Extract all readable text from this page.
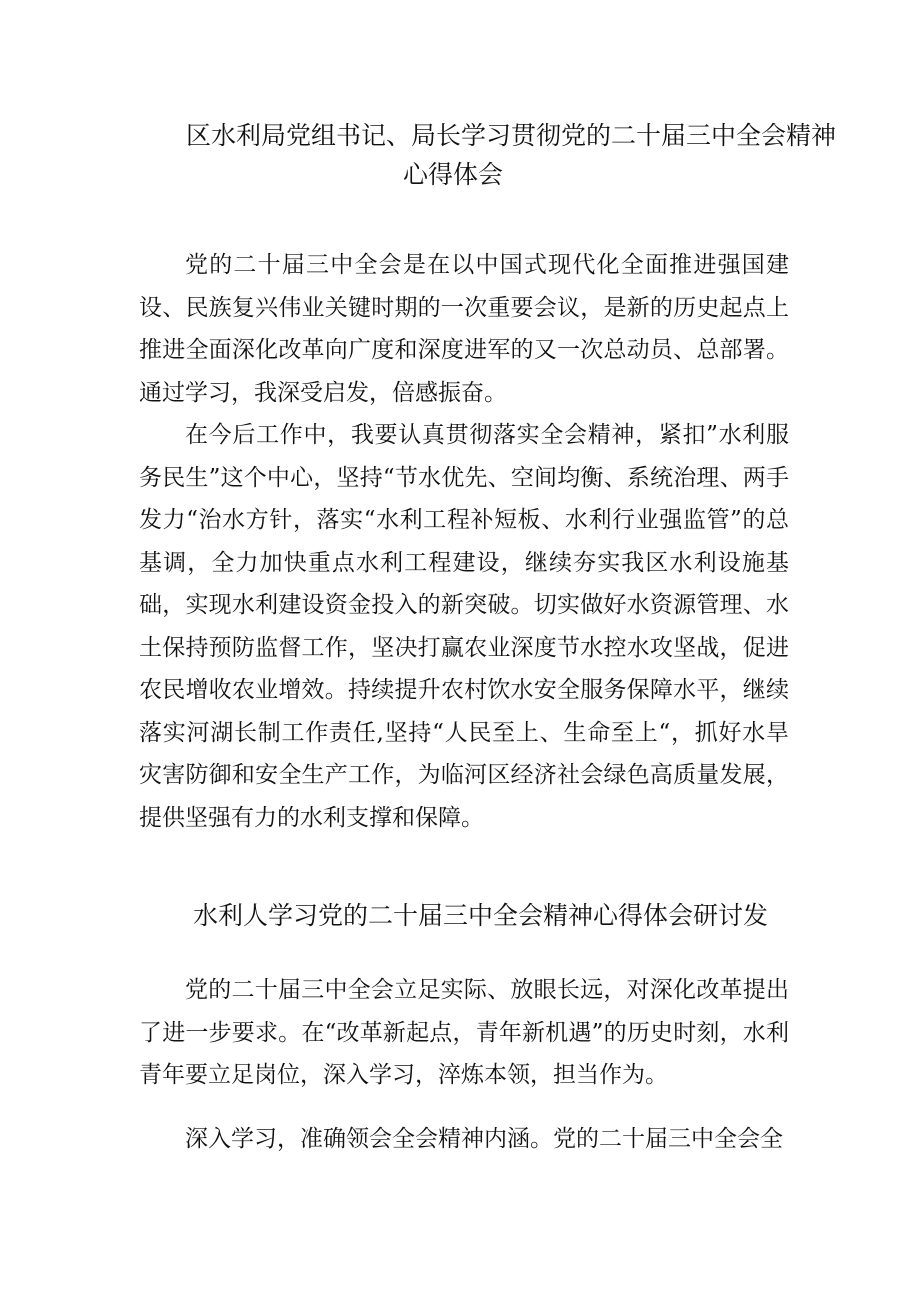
区水利局党组书记、局长学习贯彻党的二十届三中全会精神
心得体会

党的二十届三中全会是在以中国式现代化全面推进强国建设、民族复兴伟业关键时期的一次重要会议，是新的历史起点上推进全面深化改革向广度和深度进军的又一次总动员、总部署。通过学习，我深受启发，倍感振奋。

在今后工作中，我要认真贯彻落实全会精神，紧扣”水利服务民生”这个中心，坚持“节水优先、空间均衡、系统治理、两手发力“治水方针，落实“水利工程补短板、水利行业强监管”的总基调，全力加快重点水利工程建设，继续夯实我区水利设施基础，实现水利建设资金投入的新突破。切实做好水资源管理、水土保持预防监督工作，坚决打赢农业深度节水控水攻坚战，促进农民增收农业增效。持续提升农村饮水安全服务保障水平，继续落实河湖长制工作责任,坚持“人民至上、生命至上“，抓好水旱灾害防御和安全生产工作，为临河区经济社会绿色高质量发展，提供坚强有力的水利支撑和保障。

水利人学习党的二十届三中全会精神心得体会研讨发

党的二十届三中全会立足实际、放眼长远，对深化改革提出了进一步要求。在“改革新起点，青年新机遇”的历史时刻，水利青年要立足岗位，深入学习，淬炼本领，担当作为。

深入学习，准确领会全会精神内涵。党的二十届三中全会全
